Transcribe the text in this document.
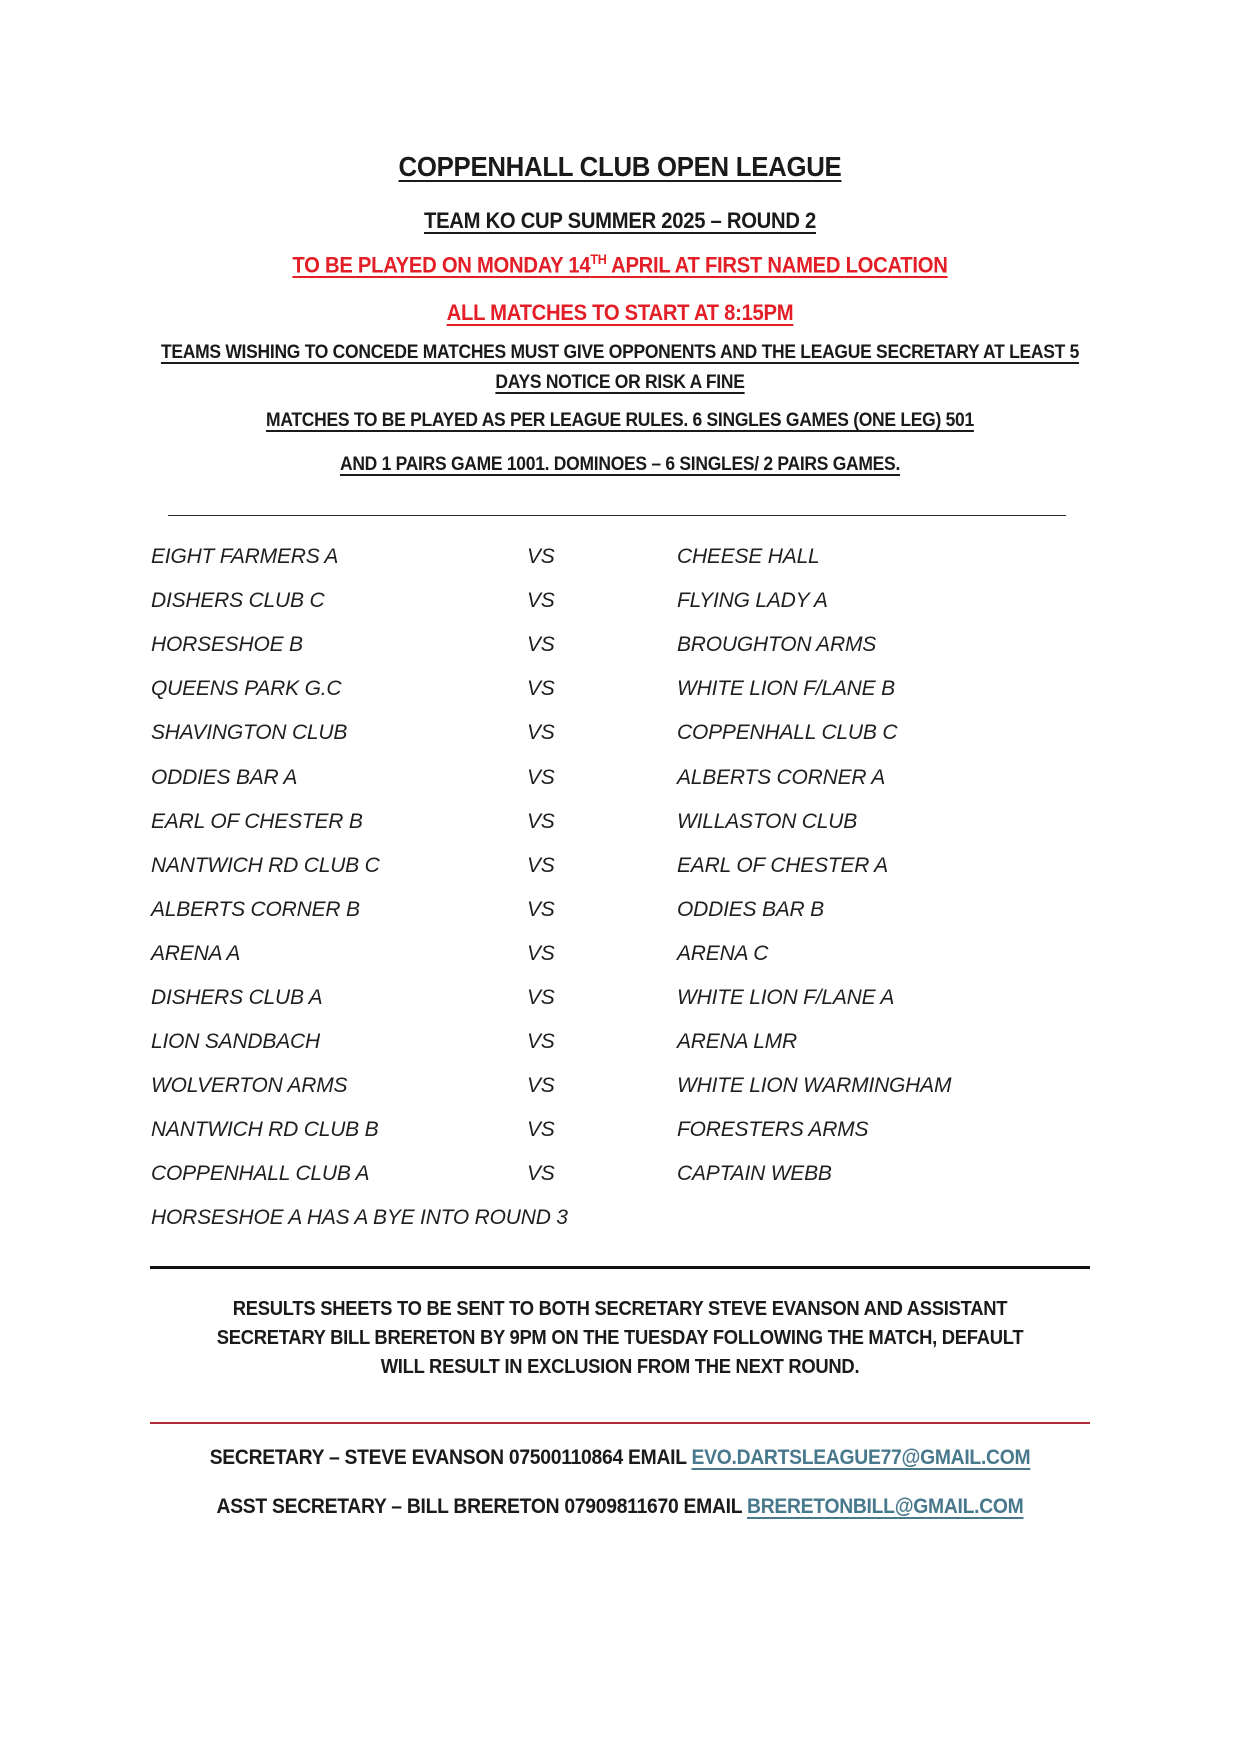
COPPENHALL CLUB OPEN LEAGUE
TEAM KO CUP SUMMER 2025 – ROUND 2
TO BE PLAYED ON MONDAY 14TH APRIL AT FIRST NAMED LOCATION
ALL MATCHES TO START AT 8:15PM
TEAMS WISHING TO CONCEDE MATCHES MUST GIVE OPPONENTS AND THE LEAGUE SECRETARY AT LEAST 5
DAYS NOTICE OR RISK A FINE
MATCHES TO BE PLAYED AS PER LEAGUE RULES. 6 SINGLES GAMES (ONE LEG) 501
AND 1 PAIRS GAME 1001. DOMINOES – 6 SINGLES/ 2 PAIRS GAMES.
EIGHT FARMERS A	VS	CHEESE HALL
DISHERS CLUB C	VS	FLYING LADY A
HORSESHOE B	VS	BROUGHTON ARMS
QUEENS PARK G.C	VS	WHITE LION F/LANE B
SHAVINGTON CLUB	VS	COPPENHALL CLUB C
ODDIES BAR A	VS	ALBERTS CORNER A
EARL OF CHESTER B	VS	WILLASTON CLUB
NANTWICH RD CLUB C	VS	EARL OF CHESTER A
ALBERTS CORNER B	VS	ODDIES BAR B
ARENA A	VS	ARENA C
DISHERS CLUB A	VS	WHITE LION F/LANE A
LION SANDBACH	VS	ARENA LMR
WOLVERTON ARMS	VS	WHITE LION WARMINGHAM
NANTWICH RD CLUB B	VS	FORESTERS ARMS
COPPENHALL CLUB A	VS	CAPTAIN WEBB
HORSESHOE A HAS A BYE INTO ROUND 3
RESULTS SHEETS TO BE SENT TO BOTH SECRETARY STEVE EVANSON AND ASSISTANT
SECRETARY BILL BRERETON BY 9PM ON THE TUESDAY FOLLOWING THE MATCH, DEFAULT
WILL RESULT IN EXCLUSION FROM THE NEXT ROUND.
SECRETARY – STEVE EVANSON 07500110864 EMAIL EVO.DARTSLEAGUE77@GMAIL.COM
ASST SECRETARY – BILL BRERETON 07909811670 EMAIL BRERETONBILL@GMAIL.COM
